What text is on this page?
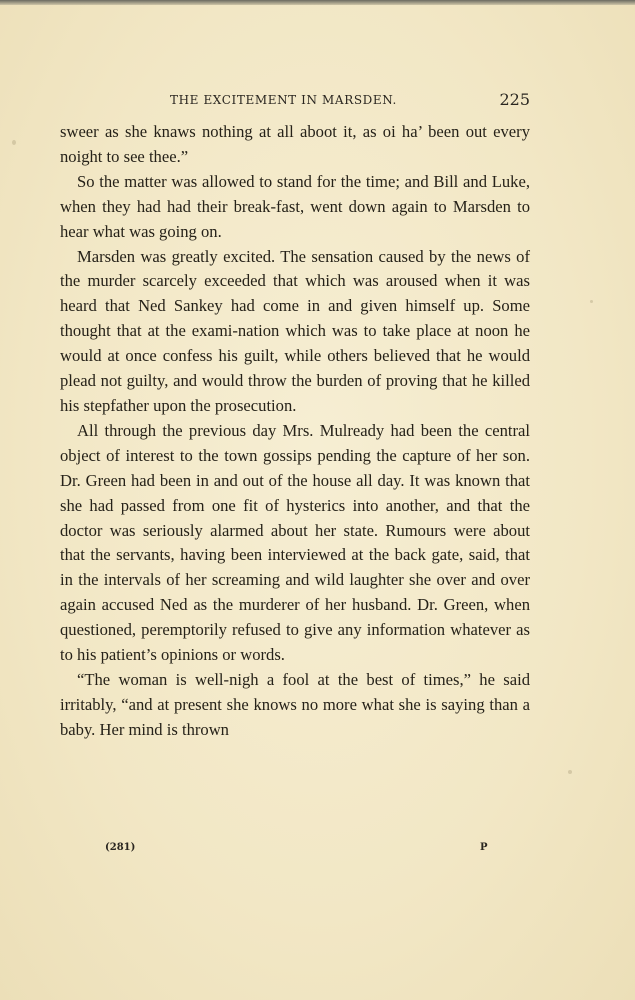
THE EXCITEMENT IN MARSDEN.	225

sweer as she knaws nothing at all aboot it, as oi ha’ been out every noight to see thee.”

So the matter was allowed to stand for the time; and Bill and Luke, when they had had their break-fast, went down again to Marsden to hear what was going on.

Marsden was greatly excited. The sensation caused by the news of the murder scarcely exceeded that which was aroused when it was heard that Ned Sankey had come in and given himself up. Some thought that at the exami-nation which was to take place at noon he would at once confess his guilt, while others believed that he would plead not guilty, and would throw the burden of proving that he killed his stepfather upon the prosecution.

All through the previous day Mrs. Mulready had been the central object of interest to the town gossips pending the capture of her son. Dr. Green had been in and out of the house all day. It was known that she had passed from one fit of hysterics into another, and that the doctor was seriously alarmed about her state. Rumours were about that the servants, having been interviewed at the back gate, said, that in the intervals of her screaming and wild laughter she over and over again accused Ned as the murderer of her husband. Dr. Green, when questioned, peremptorily refused to give any information whatever as to his patient’s opinions or words.

“The woman is well-nigh a fool at the best of times,” he said irritably, “and at present she knows no more what she is saying than a baby. Her mind is thrown

(281)	P
